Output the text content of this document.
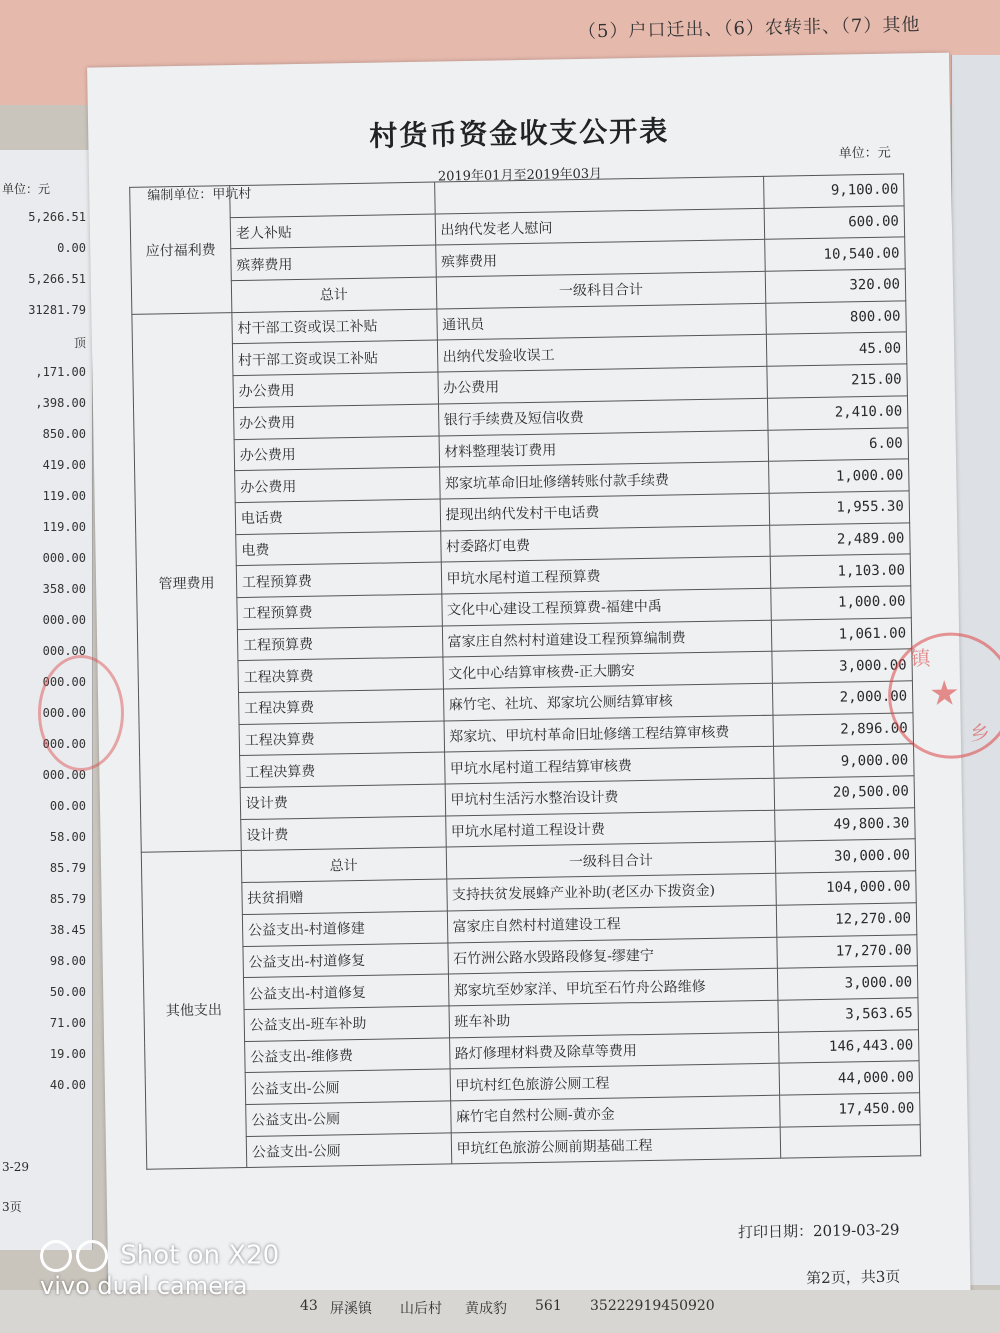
（5）户口迁出、（6）农转非、（7）其他
单位：元
5,266.51
0.00
5,266.51
31281.79
顶
,171.00
,398.00
850.00
419.00
119.00
119.00
000.00
358.00
000.00
000.00
000.00
000.00
000.00
000.00
00.00
58.00
85.79
85.79
38.45
98.00
50.00
71.00
19.00
40.00
3-29
3页
村货币资金收支公开表
单位：元
2019年01月至2019年03月
编制单位：甲坑村
应付福利费			9,100.00
	老人补贴	出纳代发老人慰问	600.00
	殡葬费用	殡葬费用	10,540.00
	总计	一级科目合计	320.00
管理费用	村干部工资或误工补贴	通讯员	800.00
	村干部工资或误工补贴	出纳代发验收误工	45.00
	办公费用	办公费用	215.00
	办公费用	银行手续费及短信收费	2,410.00
	办公费用	材料整理装订费用	6.00
	办公费用	郑家坑革命旧址修缮转账付款手续费	1,000.00
	电话费	提现出纳代发村干电话费	1,955.30
	电费	村委路灯电费	2,489.00
	工程预算费	甲坑水尾村道工程预算费	1,103.00
	工程预算费	文化中心建设工程预算费-福建中禹	1,000.00
	工程预算费	富家庄自然村村道建设工程预算编制费	1,061.00
	工程决算费	文化中心结算审核费-正大鹏安	3,000.00
	工程决算费	麻竹宅、社坑、郑家坑公厕结算审核	2,000.00
	工程决算费	郑家坑、甲坑村革命旧址修缮工程结算审核费	2,896.00
	工程决算费	甲坑水尾村道工程结算审核费	9,000.00
	设计费	甲坑村生活污水整治设计费	20,500.00
	设计费	甲坑水尾村道工程设计费	49,800.30
其他支出	总计	一级科目合计	30,000.00
	扶贫捐赠	支持扶贫发展蜂产业补助(老区办下拨资金)	104,000.00
	公益支出-村道修建	富家庄自然村村道建设工程	12,270.00
	公益支出-村道修复	石竹洲公路水毁路段修复-缪建宁	17,270.00
	公益支出-村道修复	郑家坑至妙家洋、甲坑至石竹舟公路维修	3,000.00
	公益支出-班车补助	班车补助	3,563.65
	公益支出-维修费	路灯修理材料费及除草等费用	146,443.00
	公益支出-公厕	甲坑村红色旅游公厕工程	44,000.00
	公益支出-公厕	麻竹宅自然村公厕-黄亦金	17,450.00
	公益支出-公厕	甲坑红色旅游公厕前期基础工程	
★
镇
乡
打印日期：2019-03-29
第2页，共3页
43 屏溪镇 山后村 黄成豹 561 35222919450920
Shot on X20
vivo dual camera
